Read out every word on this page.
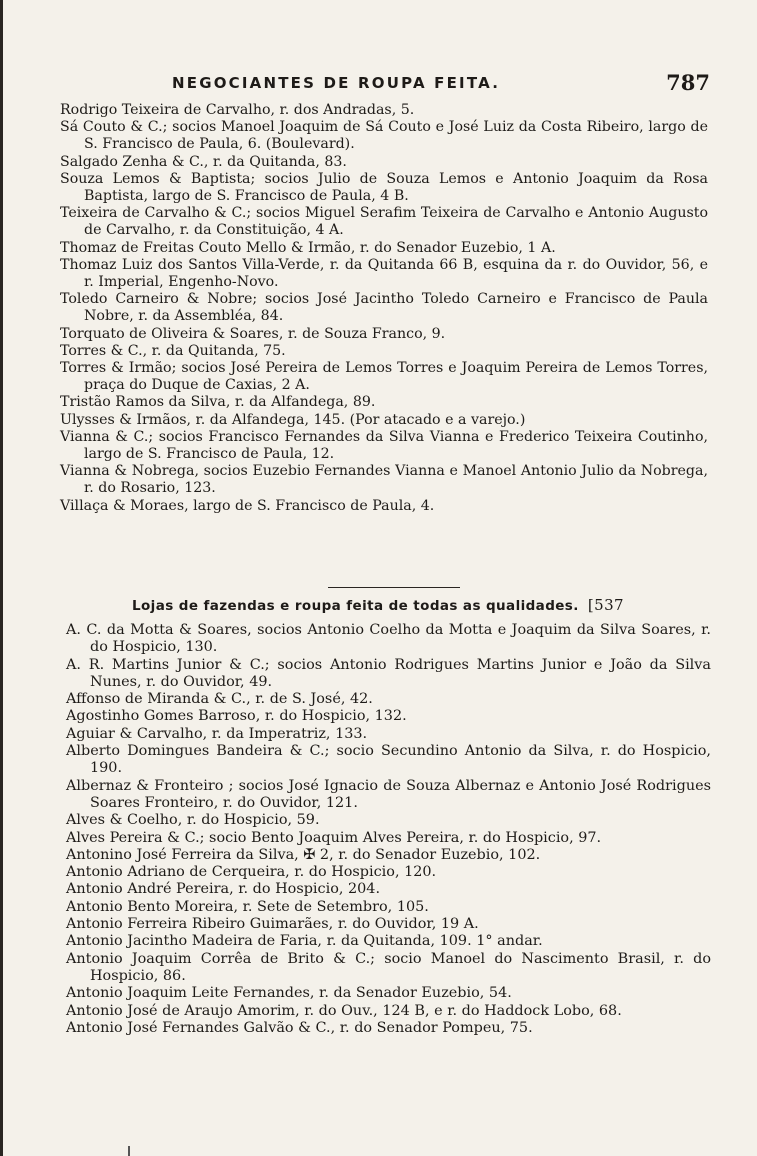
NEGOCIANTES DE ROUPA FEITA.	787
Rodrigo Teixeira de Carvalho, r. dos Andradas, 5.
Sá Couto & C.; socios Manoel Joaquim de Sá Couto e José Luiz da Costa Ribeiro, largo de S. Francisco de Paula, 6. (Boulevard).
Salgado Zenha & C., r. da Quitanda, 83.
Souza Lemos & Baptista; socios Julio de Souza Lemos e Antonio Joaquim da Rosa Baptista, largo de S. Francisco de Paula, 4 B.
Teixeira de Carvalho & C.; socios Miguel Serafim Teixeira de Carvalho e Antonio Augusto de Carvalho, r. da Constituição, 4 A.
Thomaz de Freitas Couto Mello & Irmão, r. do Senador Euzebio, 1 A.
Thomaz Luiz dos Santos Villa-Verde, r. da Quitanda 66 B, esquina da r. do Ouvidor, 56, e r. Imperial, Engenho-Novo.
Toledo Carneiro & Nobre; socios José Jacintho Toledo Carneiro e Francisco de Paula Nobre, r. da Assembléa, 84.
Torquato de Oliveira & Soares, r. de Souza Franco, 9.
Torres & C., r. da Quitanda, 75.
Torres & Irmão; socios José Pereira de Lemos Torres e Joaquim Pereira de Lemos Torres, praça do Duque de Caxias, 2 A.
Tristão Ramos da Silva, r. da Alfandega, 89.
Ulysses & Irmãos, r. da Alfandega, 145. (Por atacado e a varejo.)
Vianna & C.; socios Francisco Fernandes da Silva Vianna e Frederico Teixeira Coutinho, largo de S. Francisco de Paula, 12.
Vianna & Nobrega, socios Euzebio Fernandes Vianna e Manoel Antonio Julio da Nobrega, r. do Rosario, 123.
Villaça & Moraes, largo de S. Francisco de Paula, 4.
Lojas de fazendas e roupa feita de todas as qualidades. [537
A. C. da Motta & Soares, socios Antonio Coelho da Motta e Joaquim da Silva Soares, r. do Hospicio, 130.
A. R. Martins Junior & C.; socios Antonio Rodrigues Martins Junior e João da Silva Nunes, r. do Ouvidor, 49.
Affonso de Miranda & C., r. de S. José, 42.
Agostinho Gomes Barroso, r. do Hospicio, 132.
Aguiar & Carvalho, r. da Imperatriz, 133.
Alberto Domingues Bandeira & C.; socio Secundino Antonio da Silva, r. do Hospicio, 190.
Albernaz & Fronteiro ; socios José Ignacio de Souza Albernaz e Antonio José Rodrigues Soares Fronteiro, r. do Ouvidor, 121.
Alves & Coelho, r. do Hospicio, 59.
Alves Pereira & C.; socio Bento Joaquim Alves Pereira, r. do Hospicio, 97.
Antonino José Ferreira da Silva, ✠ 2, r. do Senador Euzebio, 102.
Antonio Adriano de Cerqueira, r. do Hospicio, 120.
Antonio André Pereira, r. do Hospicio, 204.
Antonio Bento Moreira, r. Sete de Setembro, 105.
Antonio Ferreira Ribeiro Guimarães, r. do Ouvidor, 19 A.
Antonio Jacintho Madeira de Faria, r. da Quitanda, 109. 1° andar.
Antonio Joaquim Corrêa de Brito & C.; socio Manoel do Nascimento Brasil, r. do Hospicio, 86.
Antonio Joaquim Leite Fernandes, r. da Senador Euzebio, 54.
Antonio José de Araujo Amorim, r. do Ouv., 124 B, e r. do Haddock Lobo, 68.
Antonio José Fernandes Galvão & C., r. do Senador Pompeu, 75.
